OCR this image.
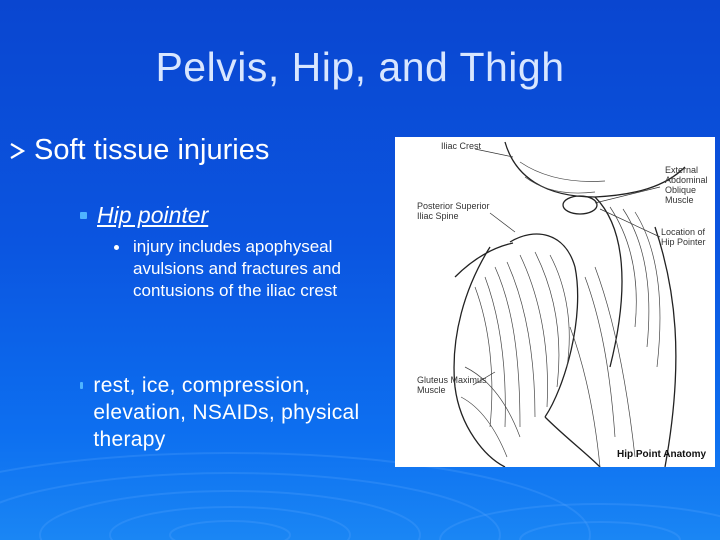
Pelvis, Hip, and Thigh
Soft tissue injuries
Hip pointer
injury includes apophyseal avulsions and fractures and contusions of the iliac crest
rest, ice, compression, elevation, NSAIDs, physical therapy
Iliac Crest
Posterior Superior
Iliac Spine
External
Abdominal
Oblique
Muscle
Location of
Hip Pointer
Gluteus Maximus
Muscle
Hip Point Anatomy
